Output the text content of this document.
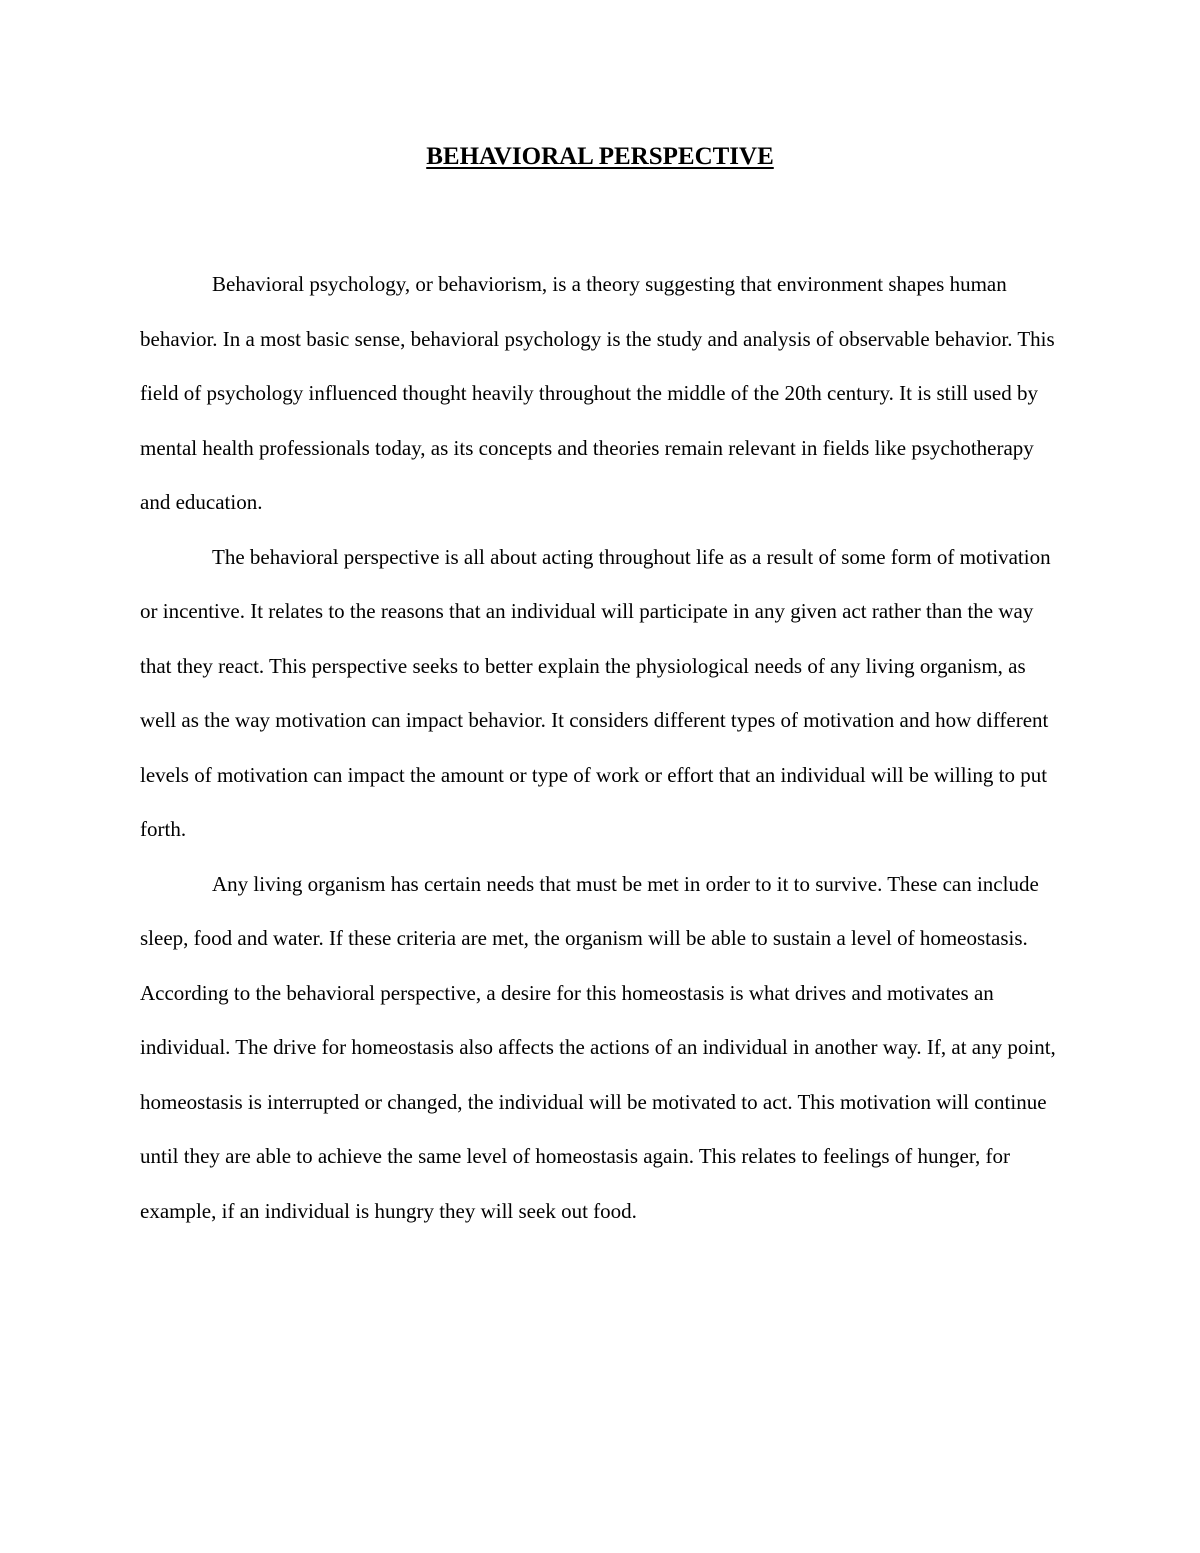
BEHAVIORAL PERSPECTIVE

Behavioral psychology, or behaviorism, is a theory suggesting that environment shapes human behavior. In a most basic sense, behavioral psychology is the study and analysis of observable behavior. This field of psychology influenced thought heavily throughout the middle of the 20th century. It is still used by mental health professionals today, as its concepts and theories remain relevant in fields like psychotherapy and education.

The behavioral perspective is all about acting throughout life as a result of some form of motivation or incentive. It relates to the reasons that an individual will participate in any given act rather than the way that they react. This perspective seeks to better explain the physiological needs of any living organism, as well as the way motivation can impact behavior. It considers different types of motivation and how different levels of motivation can impact the amount or type of work or effort that an individual will be willing to put forth.

Any living organism has certain needs that must be met in order to it to survive. These can include sleep, food and water. If these criteria are met, the organism will be able to sustain a level of homeostasis. According to the behavioral perspective, a desire for this homeostasis is what drives and motivates an individual. The drive for homeostasis also affects the actions of an individual in another way. If, at any point, homeostasis is interrupted or changed, the individual will be motivated to act. This motivation will continue until they are able to achieve the same level of homeostasis again. This relates to feelings of hunger, for example, if an individual is hungry they will seek out food.
